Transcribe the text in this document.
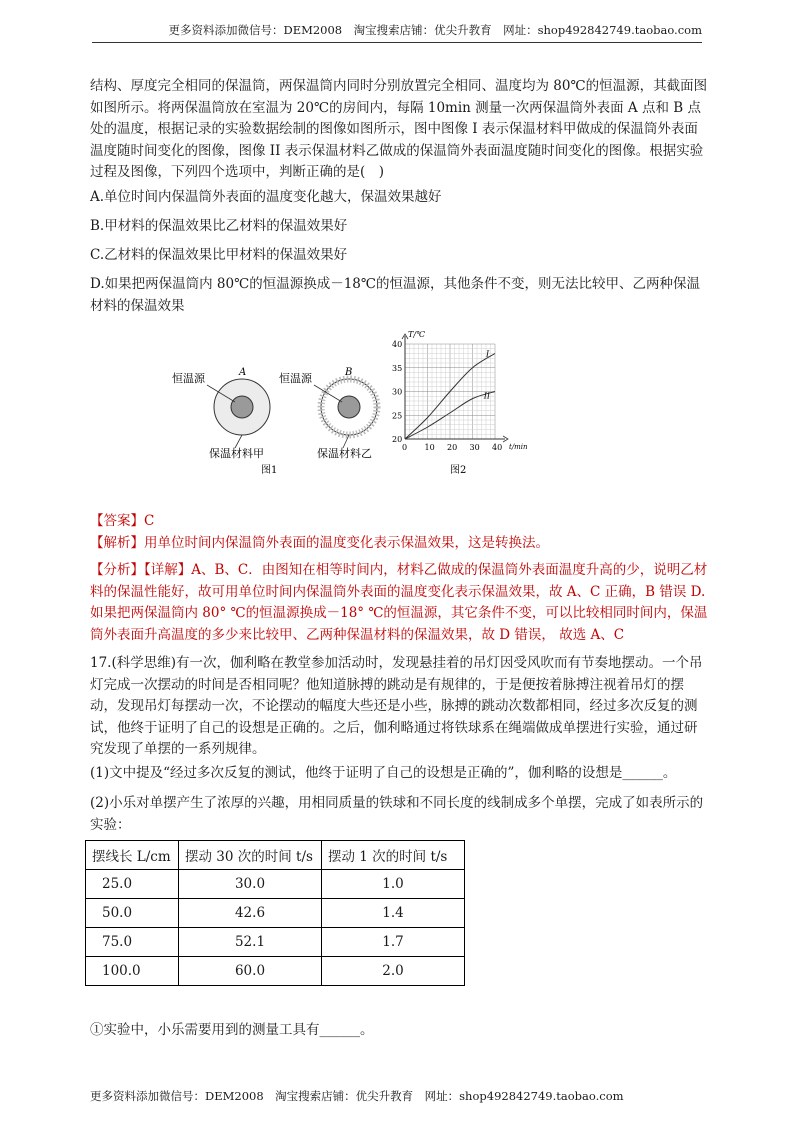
更多资料添加微信号：DEM2008　淘宝搜索店铺：优尖升教育　网址：shop492842749.taobao.com

结构、厚度完全相同的保温筒，两保温筒内同时分别放置完全相同、温度均为 80℃的恒温源，其截面图如图所示。将两保温筒放在室温为 20℃的房间内，每隔 10min 测量一次两保温筒外表面 A 点和 B 点处的温度，根据记录的实验数据绘制的图像如图所示，图中图像 I 表示保温材料甲做成的保温筒外表面温度随时间变化的图像，图像 II 表示保温材料乙做成的保温筒外表面温度随时间变化的图像。根据实验过程及图像，下列四个选项中，判断正确的是(　)

A.单位时间内保温筒外表面的温度变化越大，保温效果越好

B.甲材料的保温效果比乙材料的保温效果好

C.乙材料的保温效果比甲材料的保温效果好

D.如果把两保温筒内 80℃的恒温源换成－18℃的恒温源，其他条件不变，则无法比较甲、乙两种保温材料的保温效果

恒温源
A
保温材料甲
图1
恒温源
B
保温材料乙
T/℃
t/min
40
35
30
25
20
0 10 20 30 40
I
II
图2

【答案】C

【解析】用单位时间内保温筒外表面的温度变化表示保温效果，这是转换法。

【分析】【详解】A、B、C．由图知在相等时间内，材料乙做成的保温筒外表面温度升高的少，说明乙材料的保温性能好，故可用单位时间内保温筒外表面的温度变化表示保温效果，故 A、C 正确，B 错误 D.如果把两保温筒内 80° ℃的恒温源换成－18° ℃的恒温源，其它条件不变，可以比较相同时间内，保温筒外表面升高温度的多少来比较甲、乙两种保温材料的保温效果，故 D 错误， 故选 A、C

17.(科学思维)有一次，伽利略在教堂参加活动时，发现悬挂着的吊灯因受风吹而有节奏地摆动。一个吊灯完成一次摆动的时间是否相同呢？他知道脉搏的跳动是有规律的，于是便按着脉搏注视着吊灯的摆动，发现吊灯每摆动一次，不论摆动的幅度大些还是小些，脉搏的跳动次数都相同，经过多次反复的测试，他终于证明了自己的设想是正确的。之后，伽利略通过将铁球系在绳端做成单摆进行实验，通过研究发现了单摆的一系列规律。

(1)文中提及“经过多次反复的测试，他终于证明了自己的设想是正确的”，伽利略的设想是______。

(2)小乐对单摆产生了浓厚的兴趣，用相同质量的铁球和不同长度的线制成多个单摆，完成了如表所示的实验：

摆线长 L/cm	摆动 30 次的时间 t/s	摆动 1 次的时间 t/s
25.0	30.0	1.0
50.0	42.6	1.4
75.0	52.1	1.7
100.0	60.0	2.0

①实验中，小乐需要用到的测量工具有______。

更多资料添加微信号：DEM2008　淘宝搜索店铺：优尖升教育　网址：shop492842749.taobao.com
